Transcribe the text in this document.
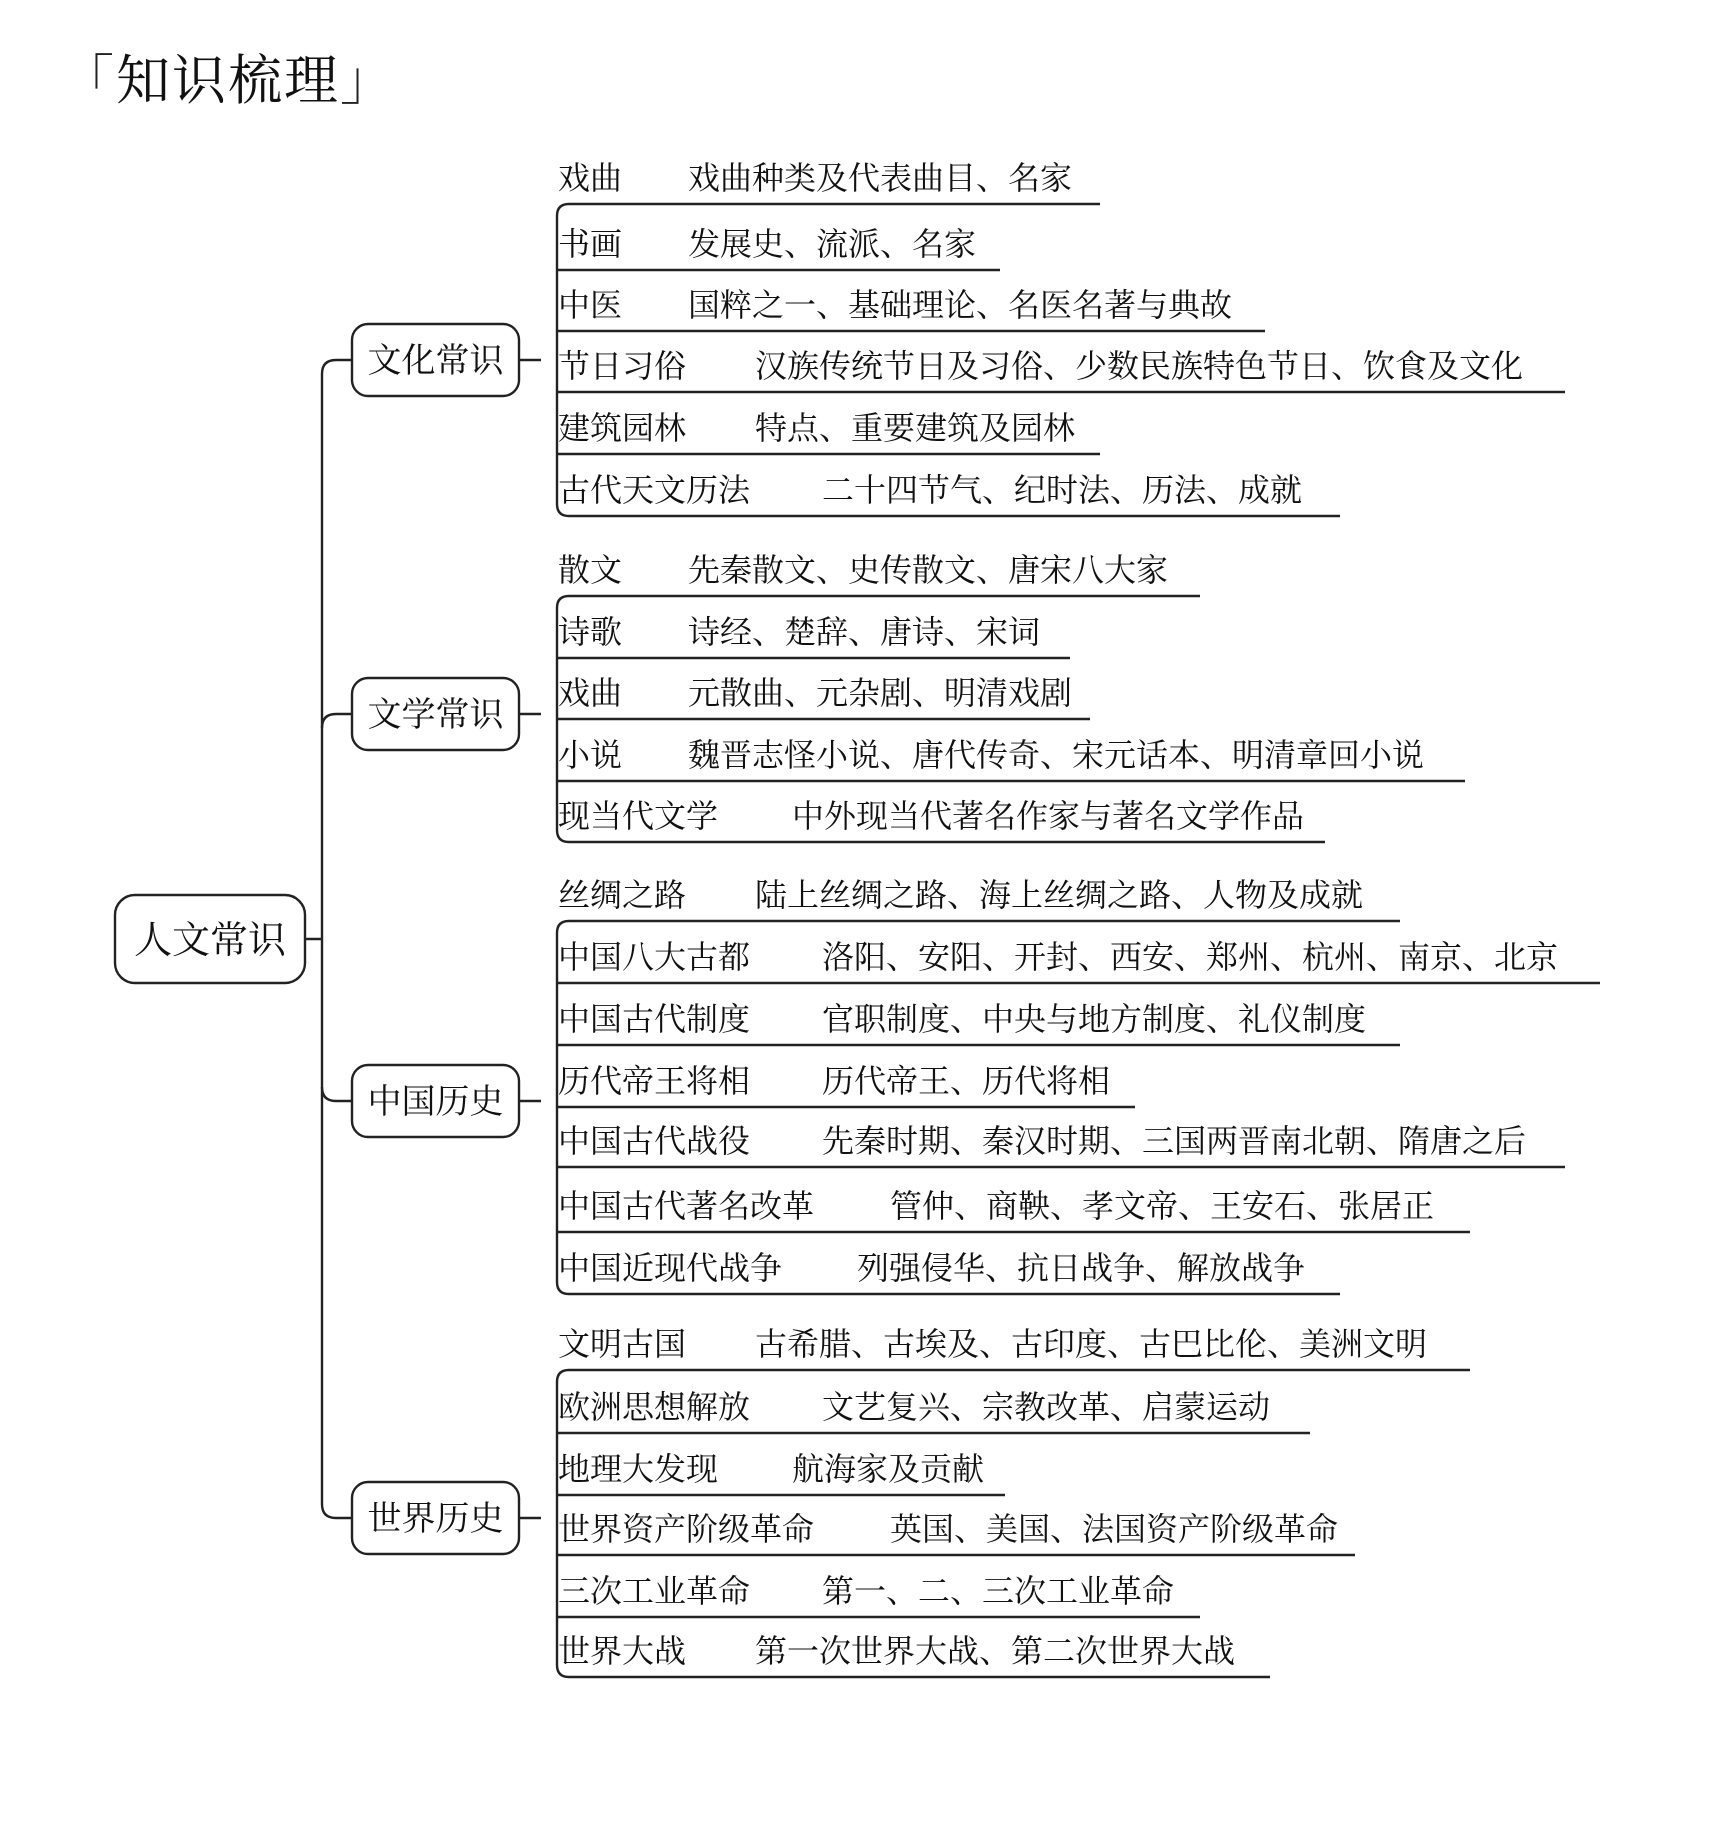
「知识梳理」
人文常识
文化常识
戏曲 戏曲种类及代表曲目、名家
书画 发展史、流派、名家
中医 国粹之一、基础理论、名医名著与典故
节日习俗 汉族传统节日及习俗、少数民族特色节日、饮食及文化
建筑园林 特点、重要建筑及园林
古代天文历法 二十四节气、纪时法、历法、成就
文学常识
散文 先秦散文、史传散文、唐宋八大家
诗歌 诗经、楚辞、唐诗、宋词
戏曲 元散曲、元杂剧、明清戏剧
小说 魏晋志怪小说、唐代传奇、宋元话本、明清章回小说
现当代文学 中外现当代著名作家与著名文学作品
中国历史
丝绸之路 陆上丝绸之路、海上丝绸之路、人物及成就
中国八大古都 洛阳、安阳、开封、西安、郑州、杭州、南京、北京
中国古代制度 官职制度、中央与地方制度、礼仪制度
历代帝王将相 历代帝王、历代将相
中国古代战役 先秦时期、秦汉时期、三国两晋南北朝、隋唐之后
中国古代著名改革 管仲、商鞅、孝文帝、王安石、张居正
中国近现代战争 列强侵华、抗日战争、解放战争
世界历史
文明古国 古希腊、古埃及、古印度、古巴比伦、美洲文明
欧洲思想解放 文艺复兴、宗教改革、启蒙运动
地理大发现 航海家及贡献
世界资产阶级革命 英国、美国、法国资产阶级革命
三次工业革命 第一、二、三次工业革命
世界大战 第一次世界大战、第二次世界大战
